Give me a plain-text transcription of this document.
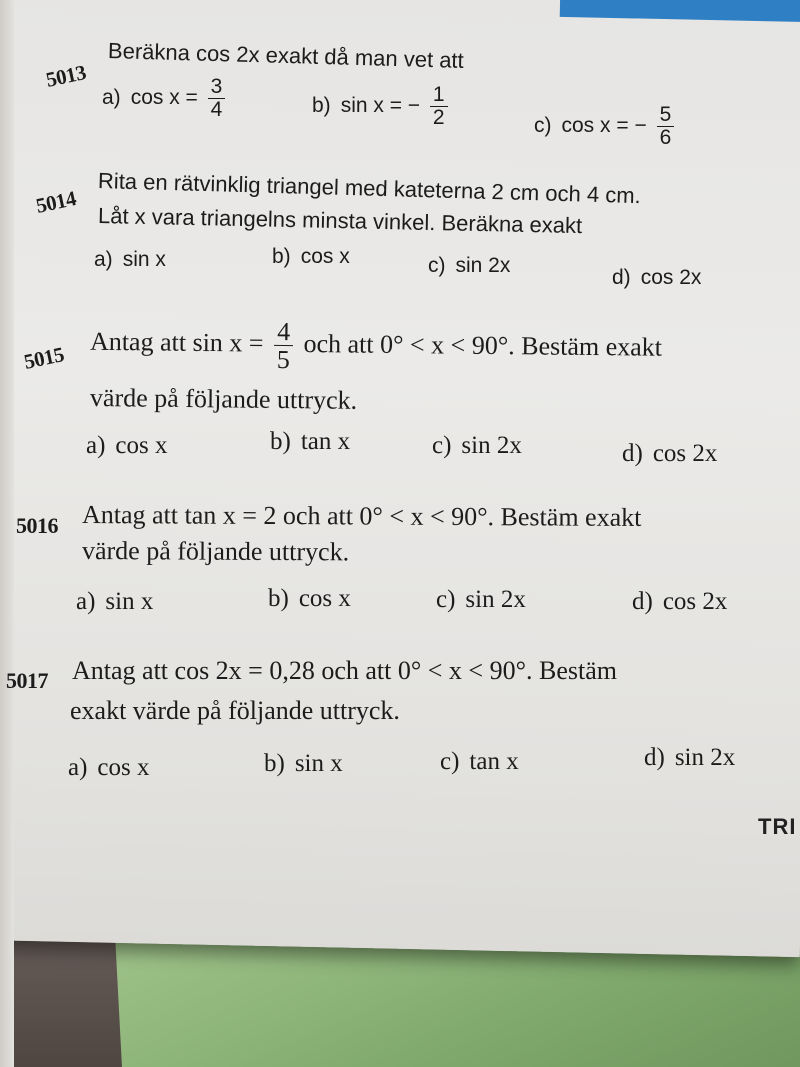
5013
Beräkna cos 2x exakt då man vet att
a) $\cos x = \frac{3}{4}$	b) sin x = − $\frac{1}{2}$	c) cos x = − $\frac{5}{6}$
5014 Rita en rätvinklig triangel med kateterna 2 cm och 4 cm.
Låt x vara triangelns minsta vinkel. Beräkna exakt
a) sin x	b) cos x	c) sin 2x
d) cos 2x
5015 Antag att $\sin x = \frac{4}{5}$ och att 0° < x < 90°. Bestäm exakt
värde på följande uttryck.
a) cos x	b) tan x	c) sin 2x	d) cos 2x
5016 Antag att tan x = 2 och att 0° < x < 90°. Bestäm exakt
värde på följande uttryck.
a) sin x	b) cos x	c) sin 2x	d) cos 2x
5017 Antag att cos 2x = 0,28 och att 0° < x < 90°. Bestäm
exakt värde på följande uttryck.
a) cos x	b) sin x	c) tan x	d) sin 2x
TRI
